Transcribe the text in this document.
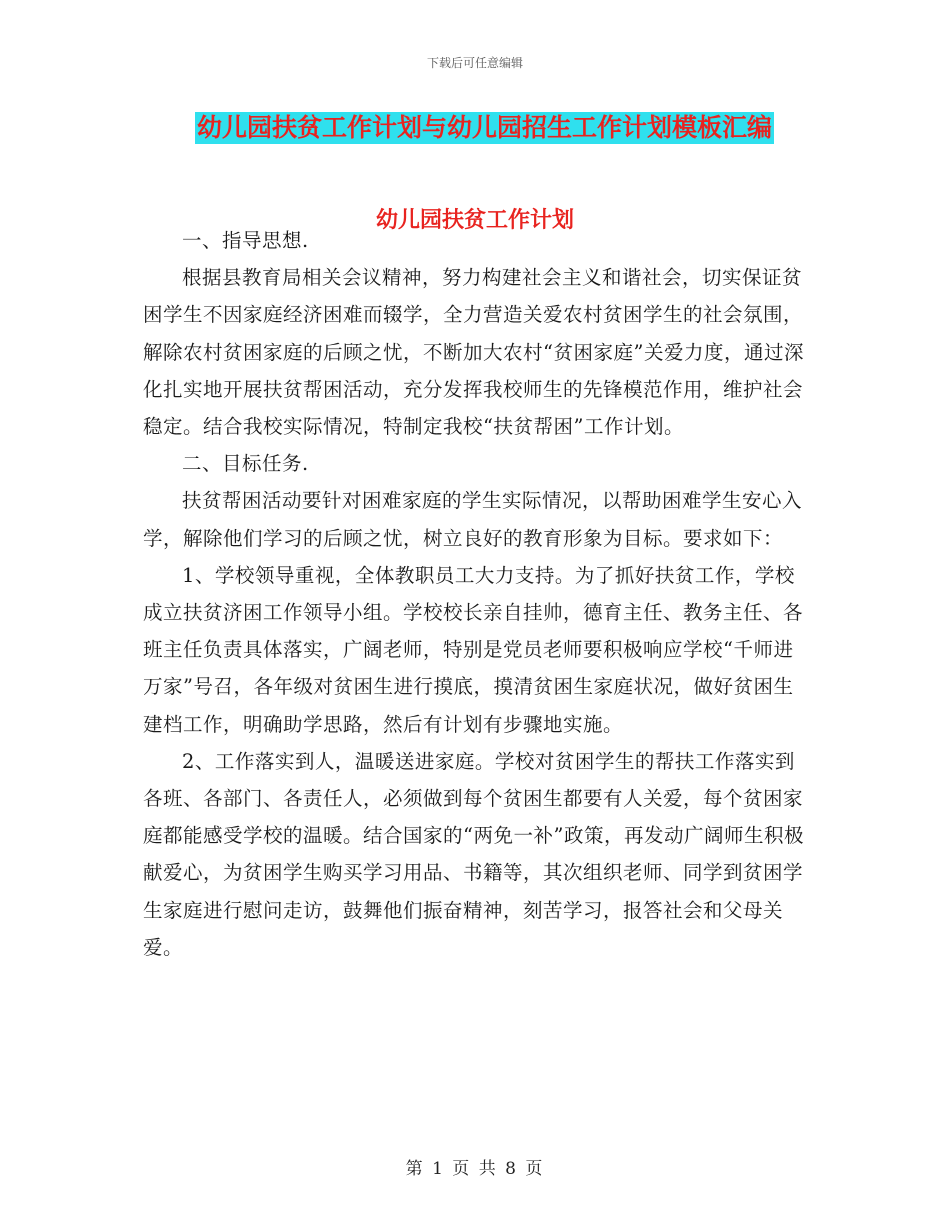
下载后可任意编辑
幼儿园扶贫工作计划与幼儿园招生工作计划模板汇编
幼儿园扶贫工作计划

一、指导思想.

根据县教育局相关会议精神，努力构建社会主义和谐社会，切实保证贫困学生不因家庭经济困难而辍学，全力营造关爱农村贫困学生的社会氛围，解除农村贫困家庭的后顾之忧，不断加大农村“贫困家庭”关爱力度，通过深化扎实地开展扶贫帮困活动，充分发挥我校师生的先锋模范作用，维护社会稳定。结合我校实际情况，特制定我校“扶贫帮困”工作计划。

二、目标任务.

扶贫帮困活动要针对困难家庭的学生实际情况，以帮助困难学生安心入学，解除他们学习的后顾之忧，树立良好的教育形象为目标。要求如下：

1、学校领导重视，全体教职员工大力支持。为了抓好扶贫工作，学校成立扶贫济困工作领导小组。学校校长亲自挂帅，德育主任、教务主任、各班主任负责具体落实，广阔老师，特别是党员老师要积极响应学校“千师进万家”号召，各年级对贫困生进行摸底，摸清贫困生家庭状况，做好贫困生建档工作，明确助学思路，然后有计划有步骤地实施。

2、工作落实到人，温暖送进家庭。学校对贫困学生的帮扶工作落实到各班、各部门、各责任人，必须做到每个贫困生都要有人关爱，每个贫困家庭都能感受学校的温暖。结合国家的“两免一补”政策，再发动广阔师生积极献爱心，为贫困学生购买学习用品、书籍等，其次组织老师、同学到贫困学生家庭进行慰问走访，鼓舞他们振奋精神，刻苦学习，报答社会和父母关爱。

第 1 页 共 8 页
